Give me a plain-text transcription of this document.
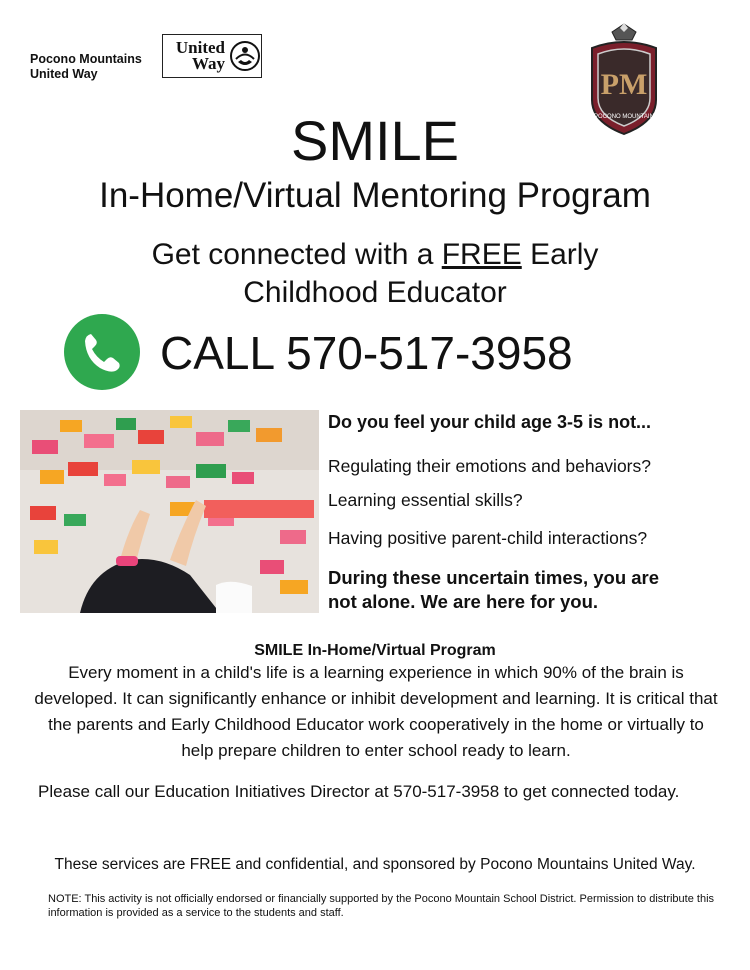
Pocono Mountains
United Way
United
Way
PM
POCONO MOUNTAIN
SMILE
In-Home/Virtual Mentoring Program
Get connected with a FREE Early
Childhood Educator
CALL 570-517-3958
Do you feel your child age 3-5 is not...
Regulating their emotions and behaviors?
Learning essential skills?
Having positive parent-child interactions?
During these uncertain times, you are
not alone. We are here for you.
SMILE In-Home/Virtual Program
Every moment in a child's life is a learning experience in which 90% of the brain is developed. It can significantly enhance or inhibit development and learning. It is critical that the parents and Early Childhood Educator work cooperatively in the home or virtually to help prepare children to enter school ready to learn.
Please call our Education Initiatives Director at 570-517-3958 to get connected today.
These services are FREE and confidential, and sponsored by Pocono Mountains United Way.
NOTE: This activity is not officially endorsed or financially supported by the Pocono Mountain School District. Permission to distribute this information is provided as a service to the students and staff.
